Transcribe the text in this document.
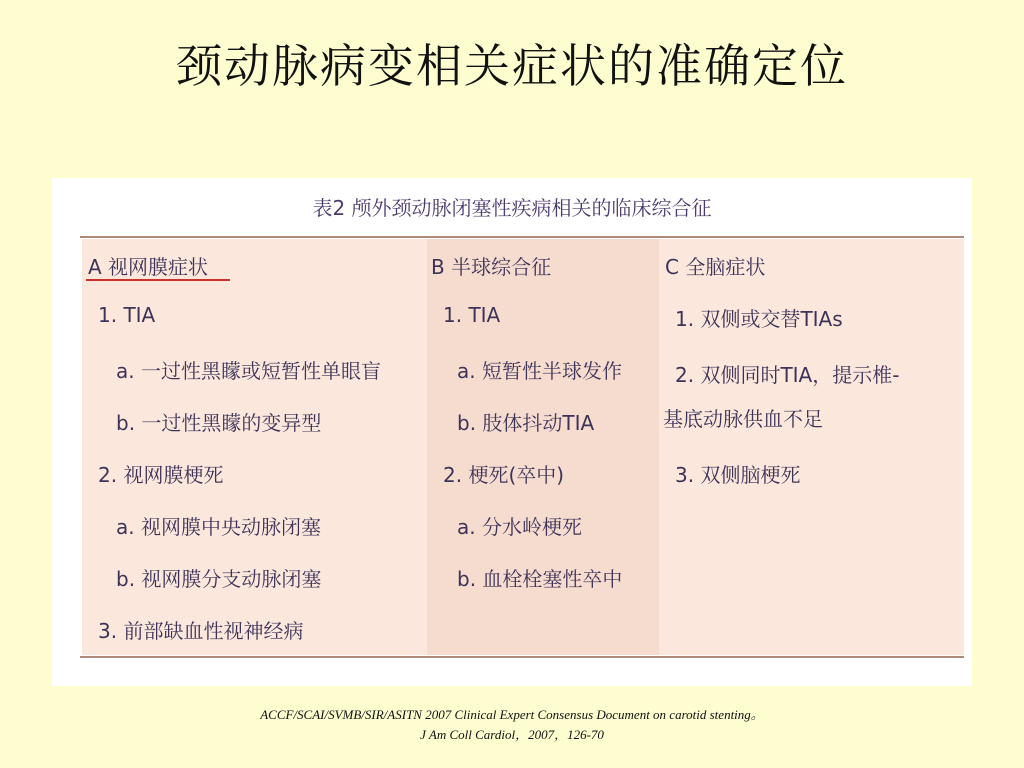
颈动脉病变相关症状的准确定位
表2 颅外颈动脉闭塞性疾病相关的临床综合征
A 视网膜症状
1. TIA
a. 一过性黑矇或短暂性单眼盲
b. 一过性黑矇的变异型
2. 视网膜梗死
a. 视网膜中央动脉闭塞
b. 视网膜分支动脉闭塞
3. 前部缺血性视神经病
B 半球综合征
1. TIA
a. 短暂性半球发作
b. 肢体抖动TIA
2. 梗死(卒中)
a. 分水岭梗死
b. 血栓栓塞性卒中
C 全脑症状
1. 双侧或交替TIAs
2. 双侧同时TIA，提示椎-
基底动脉供血不足
3. 双侧脑梗死
ACCF/SCAI/SVMB/SIR/ASITN 2007 Clinical Expert Consensus Document on carotid stenting。
J Am Coll Cardiol，2007，126-70
